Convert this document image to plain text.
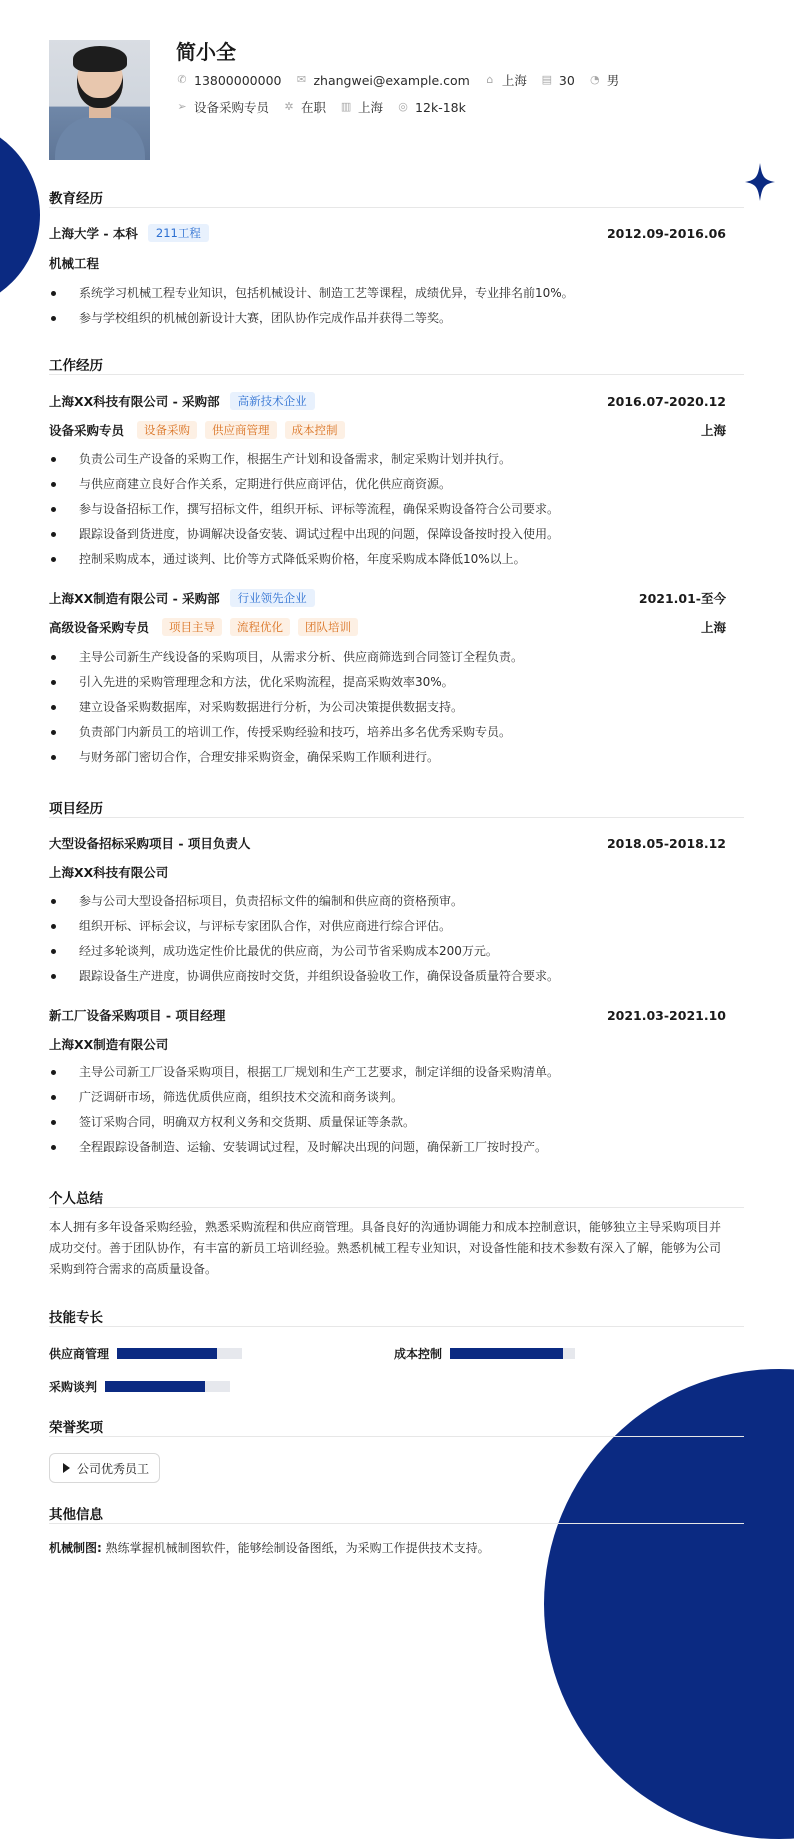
简小全
✆ 13800000000 ✉ zhangwei@example.com ⌂ 上海 ▤ 30 ◔ 男
➢ 设备采购专员 ✲ 在职 ▥ 上海 ◎ 12k-18k
教育经历
上海大学 - 本科	211工程	2012.09-2016.06
机械工程
系统学习机械工程专业知识，包括机械设计、制造工艺等课程，成绩优异，专业排名前10%。
参与学校组织的机械创新设计大赛，团队协作完成作品并获得二等奖。
工作经历
上海XX科技有限公司 - 采购部	高新技术企业	2016.07-2020.12
设备采购专员	设备采购	供应商管理	成本控制	上海
负责公司生产设备的采购工作，根据生产计划和设备需求，制定采购计划并执行。
与供应商建立良好合作关系，定期进行供应商评估，优化供应商资源。
参与设备招标工作，撰写招标文件，组织开标、评标等流程，确保采购设备符合公司要求。
跟踪设备到货进度，协调解决设备安装、调试过程中出现的问题，保障设备按时投入使用。
控制采购成本，通过谈判、比价等方式降低采购价格，年度采购成本降低10%以上。
上海XX制造有限公司 - 采购部	行业领先企业	2021.01-至今
高级设备采购专员	项目主导	流程优化	团队培训	上海
主导公司新生产线设备的采购项目，从需求分析、供应商筛选到合同签订全程负责。
引入先进的采购管理理念和方法，优化采购流程，提高采购效率30%。
建立设备采购数据库，对采购数据进行分析，为公司决策提供数据支持。
负责部门内新员工的培训工作，传授采购经验和技巧，培养出多名优秀采购专员。
与财务部门密切合作，合理安排采购资金，确保采购工作顺利进行。
项目经历
大型设备招标采购项目 - 项目负责人	2018.05-2018.12
上海XX科技有限公司
参与公司大型设备招标项目，负责招标文件的编制和供应商的资格预审。
组织开标、评标会议，与评标专家团队合作，对供应商进行综合评估。
经过多轮谈判，成功选定性价比最优的供应商，为公司节省采购成本200万元。
跟踪设备生产进度，协调供应商按时交货，并组织设备验收工作，确保设备质量符合要求。
新工厂设备采购项目 - 项目经理	2021.03-2021.10
上海XX制造有限公司
主导公司新工厂设备采购项目，根据工厂规划和生产工艺要求，制定详细的设备采购清单。
广泛调研市场，筛选优质供应商，组织技术交流和商务谈判。
签订采购合同，明确双方权利义务和交货期、质量保证等条款。
全程跟踪设备制造、运输、安装调试过程，及时解决出现的问题，确保新工厂按时投产。
个人总结
本人拥有多年设备采购经验，熟悉采购流程和供应商管理。具备良好的沟通协调能力和成本控制意识，能够独立主导采购项目并成功交付。善于团队协作，有丰富的新员工培训经验。熟悉机械工程专业知识，对设备性能和技术参数有深入了解，能够为公司采购到符合需求的高质量设备。
技能专长
供应商管理	成本控制
采购谈判
荣誉奖项
公司优秀员工
其他信息
机械制图: 熟练掌握机械制图软件，能够绘制设备图纸，为采购工作提供技术支持。
